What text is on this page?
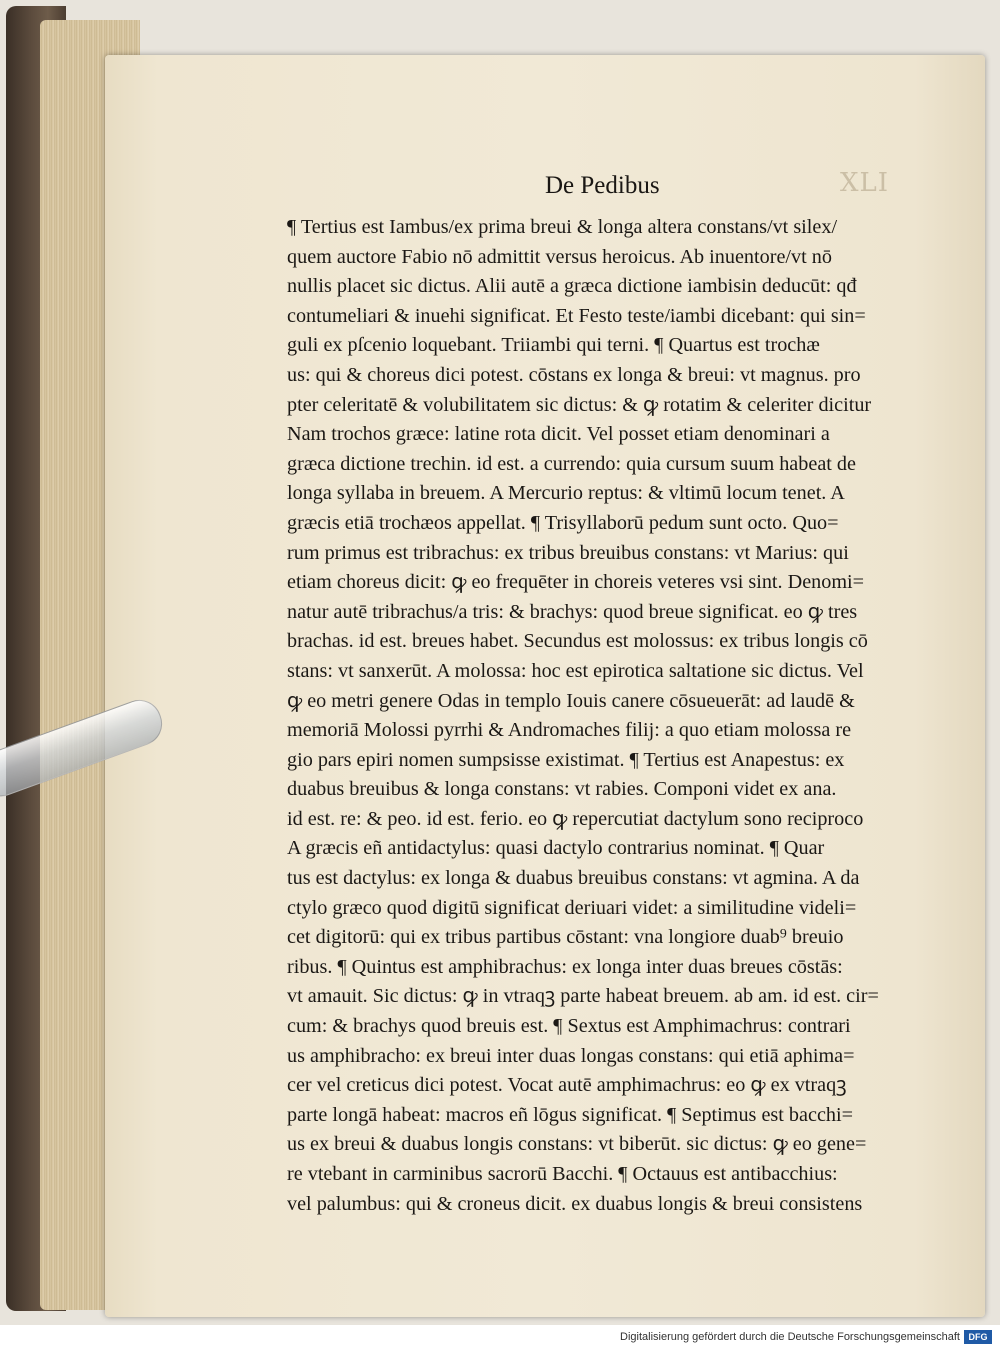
XLI
De Pedibus
¶ Tertius est Iambus/ex prima breui & longa altera constans/vt silex/
quem auctore Fabio nō admittit versus heroicus. Ab inuentore/vt nō
nullis placet sic dictus. Alii autē a græca dictione iambisin deducūt: qđ
contumeliari & inuehi significat. Et Festo teste/iambi dicebant: qui sin=
guli ex pſcenio loquebant. Triiambi qui terni. ¶ Quartus est trochæ
us: qui & choreus dici potest. cōstans ex longa & breui: vt magnus. pro
pter celeritatē & volubilitatem sic dictus: & ꝙ rotatim & celeriter dicitur
Nam trochos græce: latine rota dicit. Vel posset etiam denominari a
græca dictione trechin. id est. a currendo: quia cursum suum habeat de
longa syllaba in breuem. A Mercurio reptus: & vltimū locum tenet. A
græcis etiā trochæos appellat. ¶ Trisyllaborū pedum sunt octo. Quo=
rum primus est tribrachus: ex tribus breuibus constans: vt Marius: qui
etiam choreus dicit: ꝙ eo frequēter in choreis veteres vsi sint. Denomi=
natur autē tribrachus/a tris: & brachys: quod breue significat. eo ꝙ tres
brachas. id est. breues habet. Secundus est molossus: ex tribus longis cō
stans: vt sanxerūt. A molossa: hoc est epirotica saltatione sic dictus. Vel
ꝙ eo metri genere Odas in templo Iouis canere cōsueuerāt: ad laudē &
memoriā Molossi pyrrhi & Andromaches filij: a quo etiam molossa re
gio pars epiri nomen sumpsisse existimat. ¶ Tertius est Anapestus: ex
duabus breuibus & longa constans: vt rabies. Componi videt ex ana.
id est. re: & peo. id est. ferio. eo ꝙ repercutiat dactylum sono reciproco
A græcis eñ antidactylus: quasi dactylo contrarius nominat. ¶ Quar
tus est dactylus: ex longa & duabus breuibus constans: vt agmina. A da
ctylo græco quod digitū significat deriuari videt: a similitudine videli=
cet digitorū: qui ex tribus partibus cōstant: vna longiore duab⁹ breuio
ribus. ¶ Quintus est amphibrachus: ex longa inter duas breues cōstās:
vt amauit. Sic dictus: ꝙ in vtraqꝫ parte habeat breuem. ab am. id est. cir=
cum: & brachys quod breuis est. ¶ Sextus est Amphimachrus: contrari
us amphibracho: ex breui inter duas longas constans: qui etiā aphima=
cer vel creticus dici potest. Vocat autē amphimachrus: eo ꝙ ex vtraqꝫ
parte longā habeat: macros eñ lōgus significat. ¶ Septimus est bacchi=
us ex breui & duabus longis constans: vt biberūt. sic dictus: ꝙ eo gene=
re vtebant in carminibus sacrorū Bacchi. ¶ Octauus est antibacchius:
vel palumbus: qui & croneus dicit. ex duabus longis & breui consistens
Digitalisierung gefördert durch die Deutsche Forschungsgemeinschaft DFG
